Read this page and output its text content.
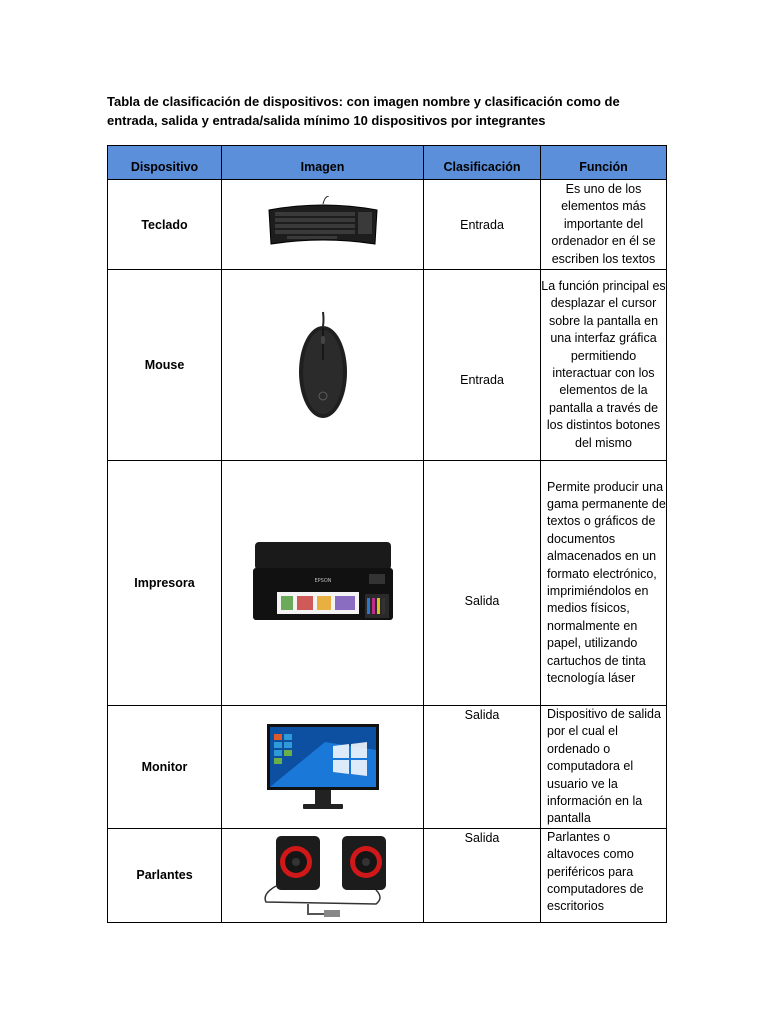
Tabla de clasificación de dispositivos: con imagen nombre y clasificación como de entrada, salida y entrada/salida mínimo 10 dispositivos por integrantes
Dispositivo	Imagen	Clasificación	Función
Teclado		Entrada	Es uno de los elementos más importante del ordenador en él se escriben los textos
Mouse		Entrada	La función principal es desplazar el cursor sobre la pantalla en una interfaz gráfica permitiendo interactuar con los elementos de la pantalla a través de los distintos botones del mismo
Impresora	EPSON	Salida	Permite producir una gama permanente de textos o gráficos de documentos almacenados en un formato electrónico, imprimiéndolos en medios físicos, normalmente en papel, utilizando cartuchos de tinta tecnología láser
Monitor		Salida	Dispositivo de salida por el cual el ordenado o computadora el usuario ve la información en la pantalla
Parlantes		Salida	Parlantes o altavoces como periféricos para computadores de escritorios
